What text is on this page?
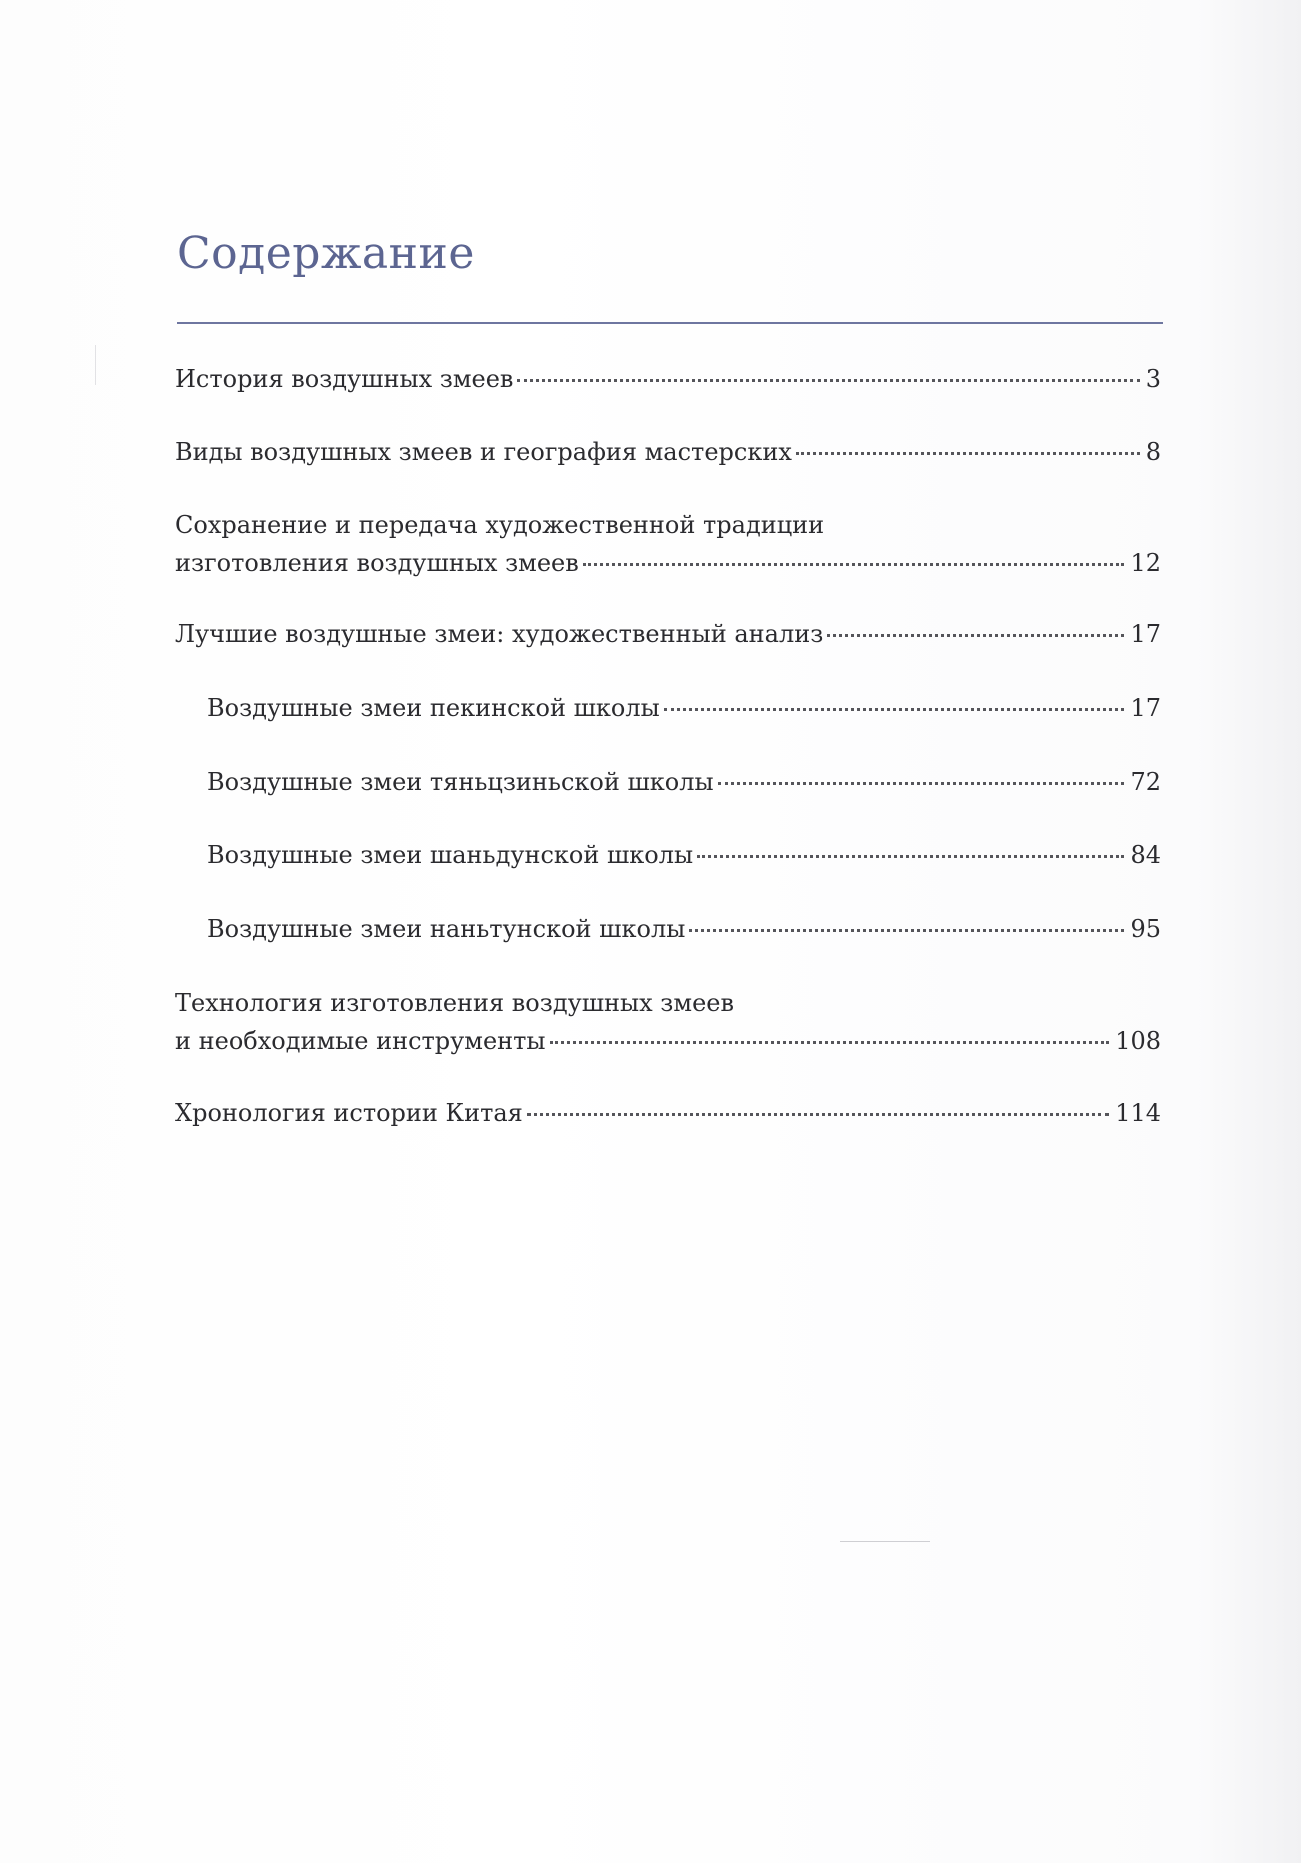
Содержание
История воздушных змеев	3
Виды воздушных змеев и география мастерских	8
Сохранение и передача художественной традиции
изготовления воздушных змеев	12
Лучшие воздушные змеи: художественный анализ	17
Воздушные змеи пекинской школы	17
Воздушные змеи тяньцзиньской школы	72
Воздушные змеи шаньдунской школы	84
Воздушные змеи наньтунской школы	95
Технология изготовления воздушных змеев
и необходимые инструменты	108
Хронология истории Китая	114
